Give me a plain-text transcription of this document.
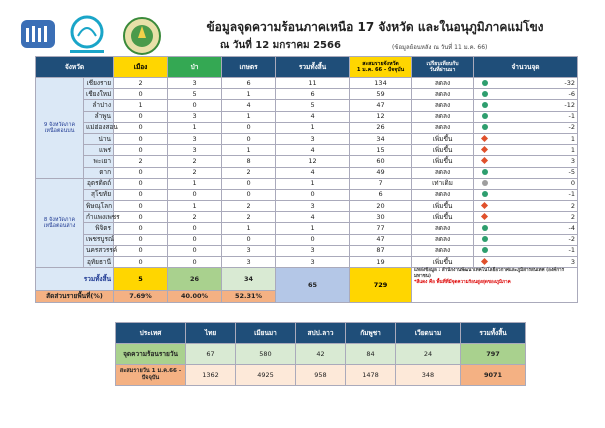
ข้อมูลจุดความร้อนภาคเหนือ 17 จังหวัด และในอนุภูมิภาคแม่โขง
ณ วันที่ 12 มกราคม 2566	(ข้อมูลย้อนหลัง ณ วันที่ 11 ม.ค. 66)
จังหวัด		เมือง	ป่า	เกษตร	รวมทั้งสิ้น	สะสมรายจังหวัด
1 ม.ค. 66 - ปัจจุบัน	เปรียบเทียบกับ
วันที่ผ่านมา	จำนวนจุด
9 จังหวัดภาคเหนือตอนบน	เชียงราย	2	3	6	11	134	ลดลง	-32

	เชียงใหม่	0	5	1	6	59	ลดลง	-6

	ลำปาง	1	0	4	5	47	ลดลง	-12

	ลำพูน	0	3	1	4	12	ลดลง	-1

	แม่ฮ่องสอน	0	1	0	1	26	ลดลง	-2

	น่าน	0	3	0	3	34	เพิ่มขึ้น	1

	แพร่	0	3	1	4	15	เพิ่มขึ้น	1

	พะเยา	2	2	8	12	60	เพิ่มขึ้น	3

	ตาก	0	2	2	4	49	ลดลง	-5

8 จังหวัดภาคเหนือตอนล่าง	อุตรดิตถ์	0	1	0	1	7	เท่าเดิม	0

	สุโขทัย	0	0	0	0	6	ลดลง	-1

	พิษณุโลก	0	1	2	3	20	เพิ่มขึ้น	2

	กำแพงเพชร	0	2	2	4	30	เพิ่มขึ้น	2

	พิจิตร	0	0	1	1	77	ลดลง	-4

	เพชรบูรณ์	0	0	0	0	47	ลดลง	-2

	นครสวรรค์	0	0	3	3	87	ลดลง	-1

	อุทัยธานี	0	0	3	3	19	เพิ่มขึ้น	3

รวมทั้งสิ้น		5	26	34	65	729	แหล่งข้อมูล : สำนักงานพัฒนาเทคโนโลยีอวกาศและภูมิสารสนเทศ (องค์การมหาชน)
*สีแดง คือ พื้นที่ที่มีจุดความร้อนสูงสุดของภูมิภาค	
สัดส่วนรายพื้นที่(%)		7.69%	40.00%	52.31%				
ประเทศ	ไทย	เมียนมา	สปป.ลาว	กัมพูชา	เวียดนาม	รวมทั้งสิ้น
จุดความร้อนรายวัน	67	580	42	84	24	797
สะสมรายวัน 1 ม.ค.66 - ปัจจุบัน	1362	4925	958	1478	348	9071
